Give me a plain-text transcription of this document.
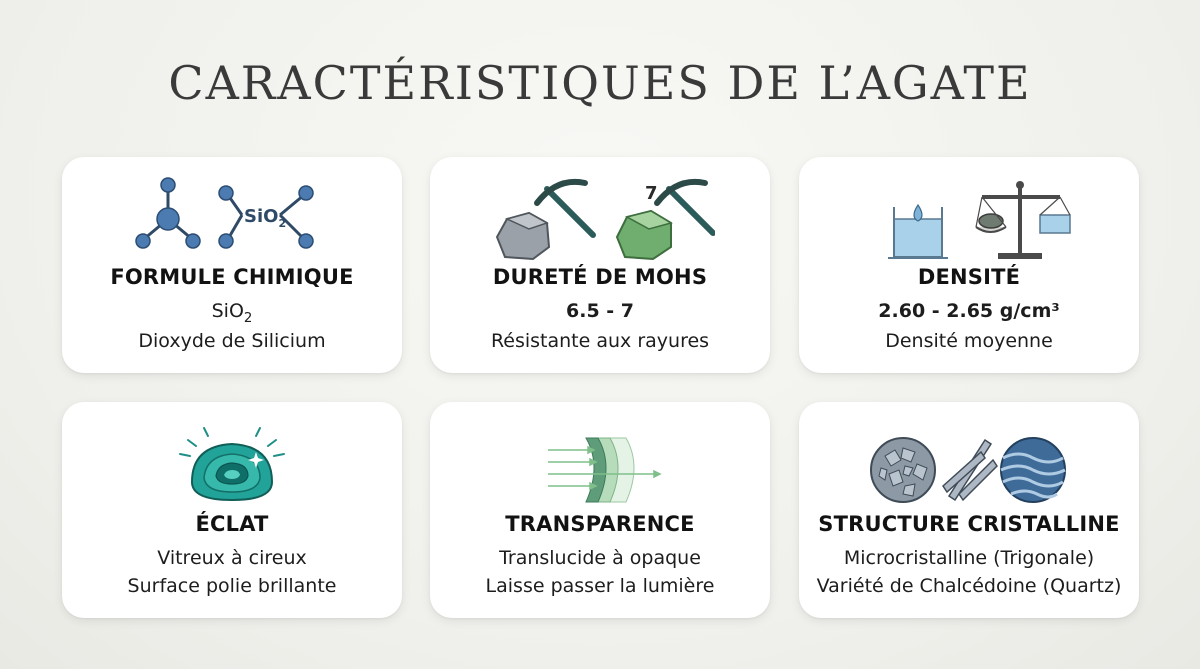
CARACTÉRISTIQUES DE L’AGATE
SiO$_2$
FORMULE CHIMIQUE
SiO$_2$
Dioxyde de Silicium
7
DURETÉ DE MOHS
6.5 - 7
Résistante aux rayures
DENSITÉ
2.60 - 2.65 g/cm³
Densité moyenne
ÉCLAT
Vitreux à cireux
Surface polie brillante
TRANSPARENCE
Translucide à opaque
Laisse passer la lumière
STRUCTURE CRISTALLINE
Microcristalline (Trigonale)
Variété de Chalcédoine (Quartz)
